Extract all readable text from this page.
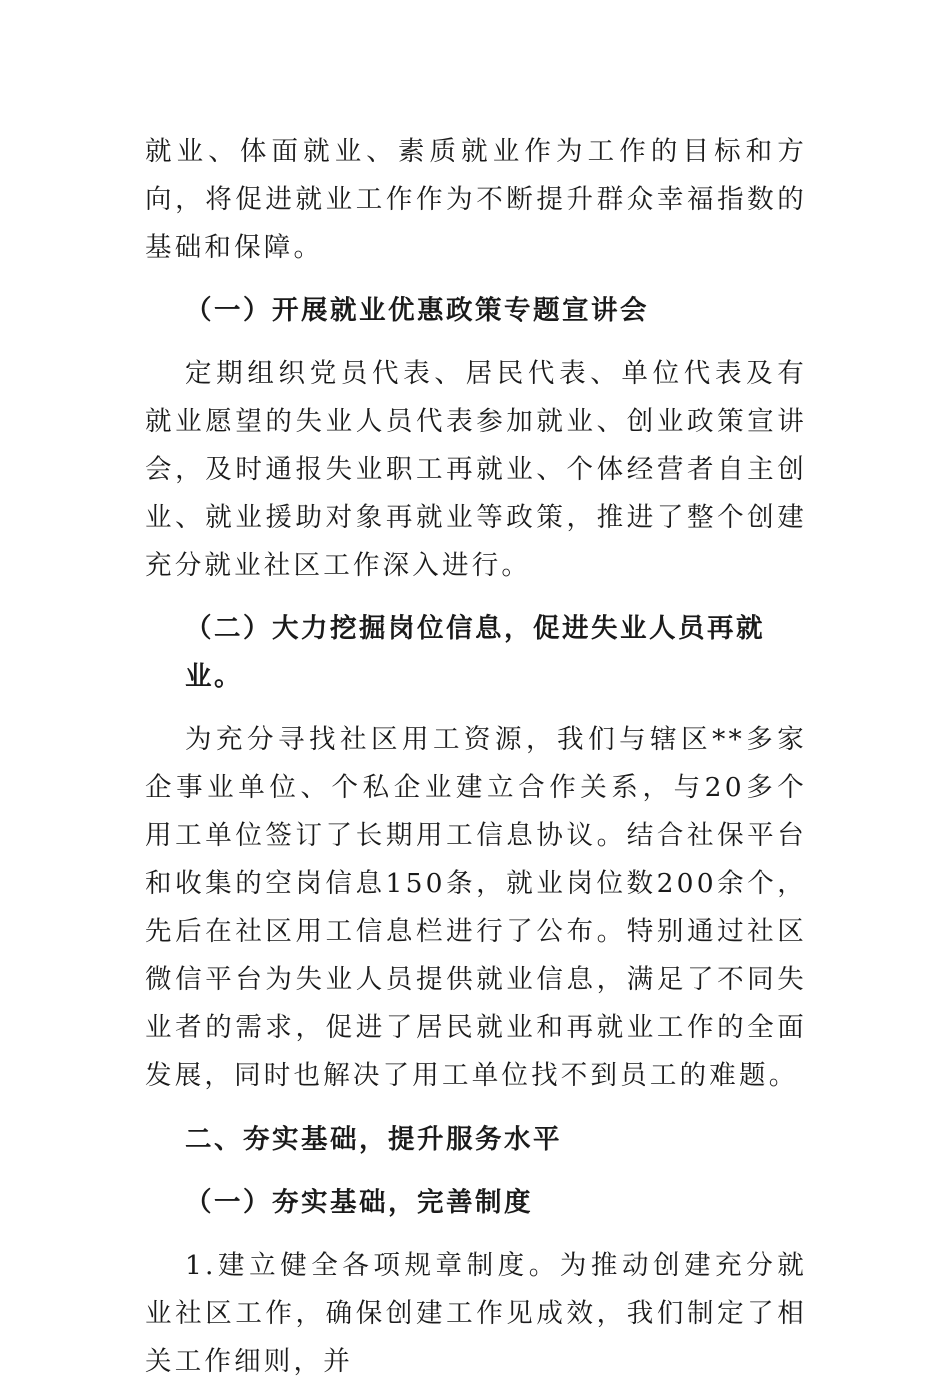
就业、体面就业、素质就业作为工作的目标和方向，将促进就业工作作为不断提升群众幸福指数的基础和保障。

（一）开展就业优惠政策专题宣讲会

定期组织党员代表、居民代表、单位代表及有就业愿望的失业人员代表参加就业、创业政策宣讲会，及时通报失业职工再就业、个体经营者自主创业、就业援助对象再就业等政策，推进了整个创建充分就业社区工作深入进行。

（二）大力挖掘岗位信息，促进失业人员再就业。

为充分寻找社区用工资源，我们与辖区**多家企事业单位、个私企业建立合作关系，与20多个用工单位签订了长期用工信息协议。结合社保平台和收集的空岗信息150条，就业岗位数200余个，先后在社区用工信息栏进行了公布。特别通过社区微信平台为失业人员提供就业信息，满足了不同失业者的需求，促进了居民就业和再就业工作的全面发展，同时也解决了用工单位找不到员工的难题。

二、夯实基础，提升服务水平

（一）夯实基础，完善制度

1.建立健全各项规章制度。为推动创建充分就业社区工作，确保创建工作见成效，我们制定了相关工作细则，并
